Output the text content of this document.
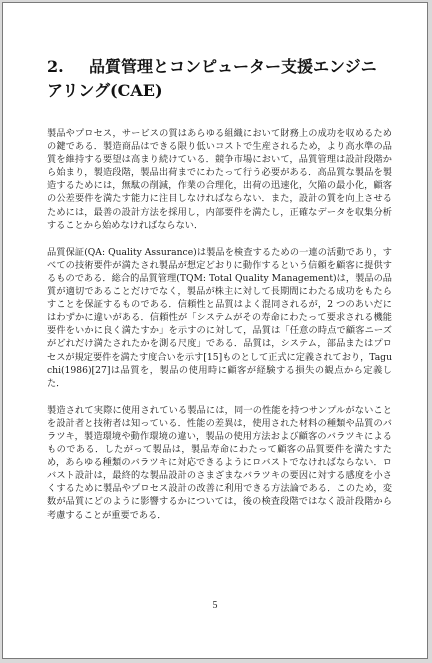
2. 品質管理とコンピューター支援エンジニアリング(CAE)

製品やプロセス，サービスの質はあらゆる組織において財務上の成功を収めるための鍵である．製造商品はできる限り低いコストで生産されるため，より高水準の品質を維持する要望は高まり続けている．競争市場において，品質管理は設計段階から始まり，製造段階，製品出荷までにわたって行う必要がある．高品質な製品を製造するためには，無駄の削減，作業の合理化，出荷の迅速化，欠陥の最小化，顧客の公差要件を満たす能力に注目しなければならない．また，設計の質を向上させるためには，最善の設計方法を採用し，内部要件を満たし，正確なデータを収集分析することから始めなければならない．

品質保証(QA: Quality Assurance)は製品を検査するための一連の活動であり，すべての技術要件が満たされ製品が想定どおりに動作するという信頼を顧客に提供するものである．総合的品質管理(TQM: Total Quality Management)は，製品の品質が適切であることだけでなく，製品が株主に対して長期間にわたる成功をもたらすことを保証するものである．信頼性と品質はよく混同されるが，2 つのあいだにはわずかに違いがある．信頼性が「システムがその寿命にわたって要求される機能要件をいかに良く満たすか」を示すのに対して，品質は「任意の時点で顧客ニーズがどれだけ満たされたかを測る尺度」である．品質は，システム，部品またはプロセスが規定要件を満たす度合いを示す[15]ものとして正式に定義されており，Taguchi(1986)[27]は品質を，製品の使用時に顧客が経験する損失の観点から定義した．

製造されて実際に使用されている製品には，同一の性能を持つサンプルがないことを設計者と技術者は知っている．性能の差異は，使用された材料の種類や品質のバラツキ，製造環境や動作環境の違い，製品の使用方法および顧客のバラツキによるものである．したがって製品は，製品寿命にわたって顧客の品質要件を満たすため，あらゆる種類のバラツキに対応できるようにロバストでなければならない．ロバスト設計は，最終的な製品設計のさまざまなバラツキの要因に対する感度を小さくするために製品やプロセス設計の改善に利用できる方法論である．このため，変数が品質にどのように影響するかについては，後の検査段階ではなく設計段階から考慮することが重要である．

5
